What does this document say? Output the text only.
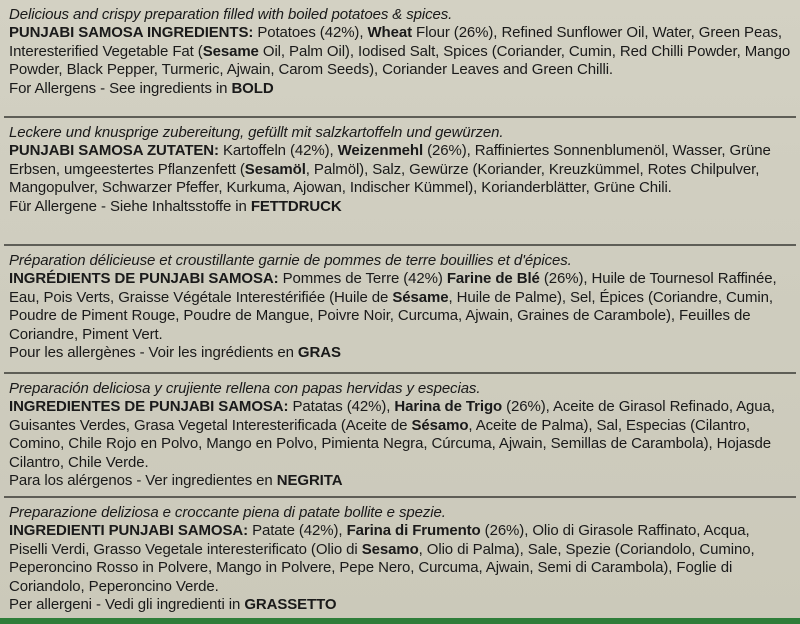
Delicious and crispy preparation filled with boiled potatoes & spices.

PUNJABI SAMOSA INGREDIENTS: Potatoes (42%), Wheat Flour (26%), Refined Sunflower Oil, Water, Green Peas, Interesterified Vegetable Fat (Sesame Oil, Palm Oil), Iodised Salt, Spices (Coriander, Cumin, Red Chilli Powder, Mango Powder, Black Pepper, Turmeric, Ajwain, Carom Seeds), Coriander Leaves and Green Chilli.

For Allergens - See ingredients in BOLD

Leckere und knusprige zubereitung, gefüllt mit salzkartoffeln und gewürzen.

PUNJABI SAMOSA ZUTATEN: Kartoffeln (42%), Weizenmehl (26%), Raffiniertes Sonnenblumenöl, Wasser, Grüne Erbsen, umgeestertes Pflanzenfett (Sesamöl, Palmöl), Salz, Gewürze (Koriander, Kreuzkümmel, Rotes Chilpulver, Mangopulver, Schwarzer Pfeffer, Kurkuma, Ajowan, Indischer Kümmel), Korianderblätter, Grüne Chili.

Für Allergene - Siehe Inhaltsstoffe in FETTDRUCK

Préparation délicieuse et croustillante garnie de pommes de terre bouillies et d'épices.

INGRÉDIENTS DE PUNJABI SAMOSA: Pommes de Terre (42%) Farine de Blé (26%), Huile de Tournesol Raffinée, Eau, Pois Verts, Graisse Végétale Interestérifiée (Huile de Sésame, Huile de Palme), Sel, Épices (Coriandre, Cumin, Poudre de Piment Rouge, Poudre de Mangue, Poivre Noir, Curcuma, Ajwain, Graines de Carambole), Feuilles de Coriandre, Piment Vert.

Pour les allergènes - Voir les ingrédients en GRAS

Preparación deliciosa y crujiente rellena con papas hervidas y especias.

INGREDIENTES DE PUNJABI SAMOSA: Patatas (42%), Harina de Trigo (26%), Aceite de Girasol Refinado, Agua, Guisantes Verdes, Grasa Vegetal Interesterificada (Aceite de Sésamo, Aceite de Palma), Sal, Especias (Cilantro, Comino, Chile Rojo en Polvo, Mango en Polvo, Pimienta Negra, Cúrcuma, Ajwain, Semillas de Carambola), Hojasde Cilantro, Chile Verde.

Para los alérgenos - Ver ingredientes en NEGRITA

Preparazione deliziosa e croccante piena di patate bollite e spezie.

INGREDIENTI PUNJABI SAMOSA: Patate (42%), Farina di Frumento (26%), Olio di Girasole Raffinato, Acqua, Piselli Verdi, Grasso Vegetale interesterificato (Olio di Sesamo, Olio di Palma), Sale, Spezie (Coriandolo, Cumino, Peperoncino Rosso in Polvere, Mango in Polvere, Pepe Nero, Curcuma, Ajwain, Semi di Carambola), Foglie di Coriandolo, Peperoncino Verde.

Per allergeni - Vedi gli ingredienti in GRASSETTO
